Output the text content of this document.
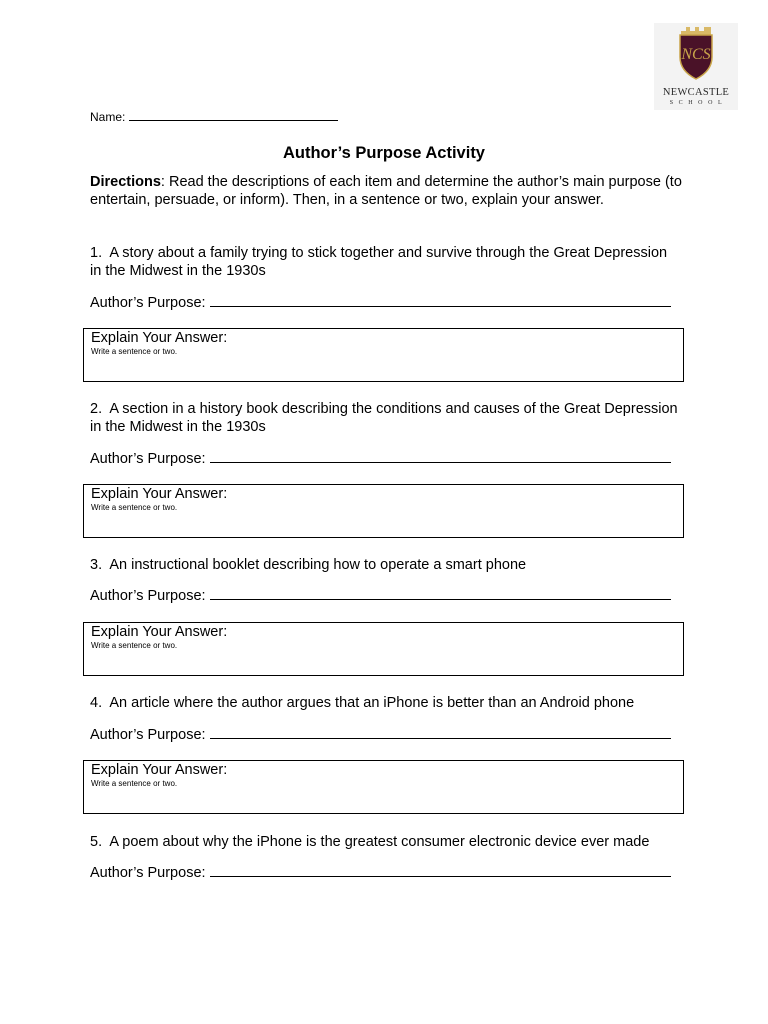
NCS
NEWCASTLE
SCHOOL
Name:
Author’s Purpose Activity
Directions: Read the descriptions of each item and determine the author’s main purpose (to entertain, persuade, or inform). Then, in a sentence or two, explain your answer.
1. A story about a family trying to stick together and survive through the Great Depression in the Midwest in the 1930s
Author’s Purpose:
Explain Your Answer:
Write a sentence or two.
2. A section in a history book describing the conditions and causes of the Great Depression in the Midwest in the 1930s
Author’s Purpose:
Explain Your Answer:
Write a sentence or two.
3. An instructional booklet describing how to operate a smart phone
Author’s Purpose:
Explain Your Answer:
Write a sentence or two.
4. An article where the author argues that an iPhone is better than an Android phone
Author’s Purpose:
Explain Your Answer:
Write a sentence or two.
5. A poem about why the iPhone is the greatest consumer electronic device ever made
Author’s Purpose:
